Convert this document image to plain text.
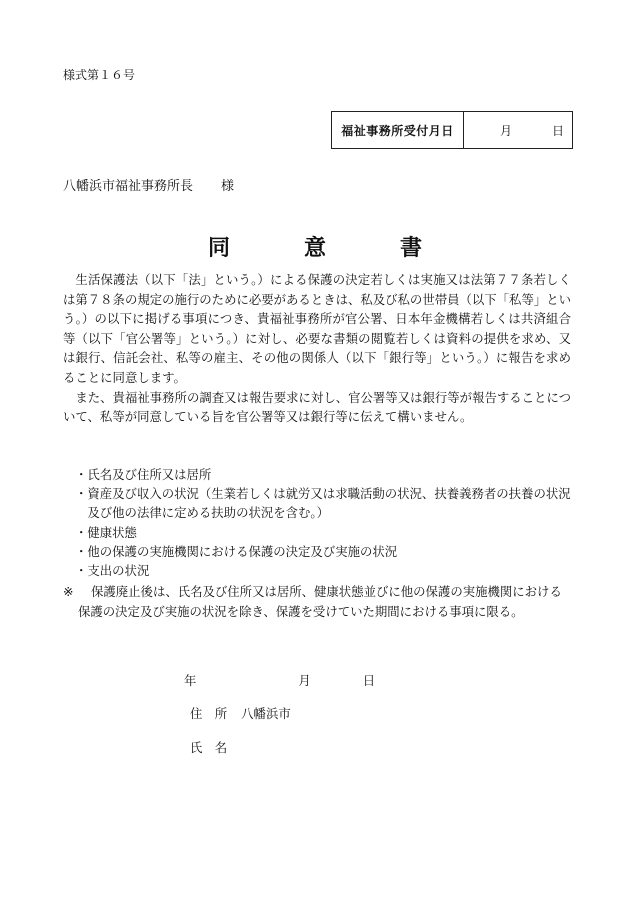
様式第１６号
福祉事務所受付月日	月	日
八幡浜市福祉事務所長 様
同	意	書

生活保護法（以下「法」という。）による保護の決定若しくは実施又は法第７７条若しくは第７８条の規定の施行のために必要があるときは、私及び私の世帯員（以下「私等」という。）の以下に掲げる事項につき、貴福祉事務所が官公署、日本年金機構若しくは共済組合等（以下「官公署等」という。）に対し、必要な書類の閲覧若しくは資料の提供を求め、又は銀行、信託会社、私等の雇主、その他の関係人（以下「銀行等」という。）に報告を求めることに同意します。

また、貴福祉事務所の調査又は報告要求に対し、官公署等又は銀行等が報告することについて、私等が同意している旨を官公署等又は銀行等に伝えて構いません。

・氏名及び住所又は居所
・資産及び収入の状況（生業若しくは就労又は求職活動の状況、扶養義務者の扶養の状況及び他の法律に定める扶助の状況を含む。）
・健康状態
・他の保護の実施機関における保護の決定及び実施の状況
・支出の状況
※ 保護廃止後は、氏名及び住所又は居所、健康状態並びに他の保護の実施機関における
保護の決定及び実施の状況を除き、保護を受けていた期間における事項に限る。
年	月	日
住　所 八幡浜市
氏　名
